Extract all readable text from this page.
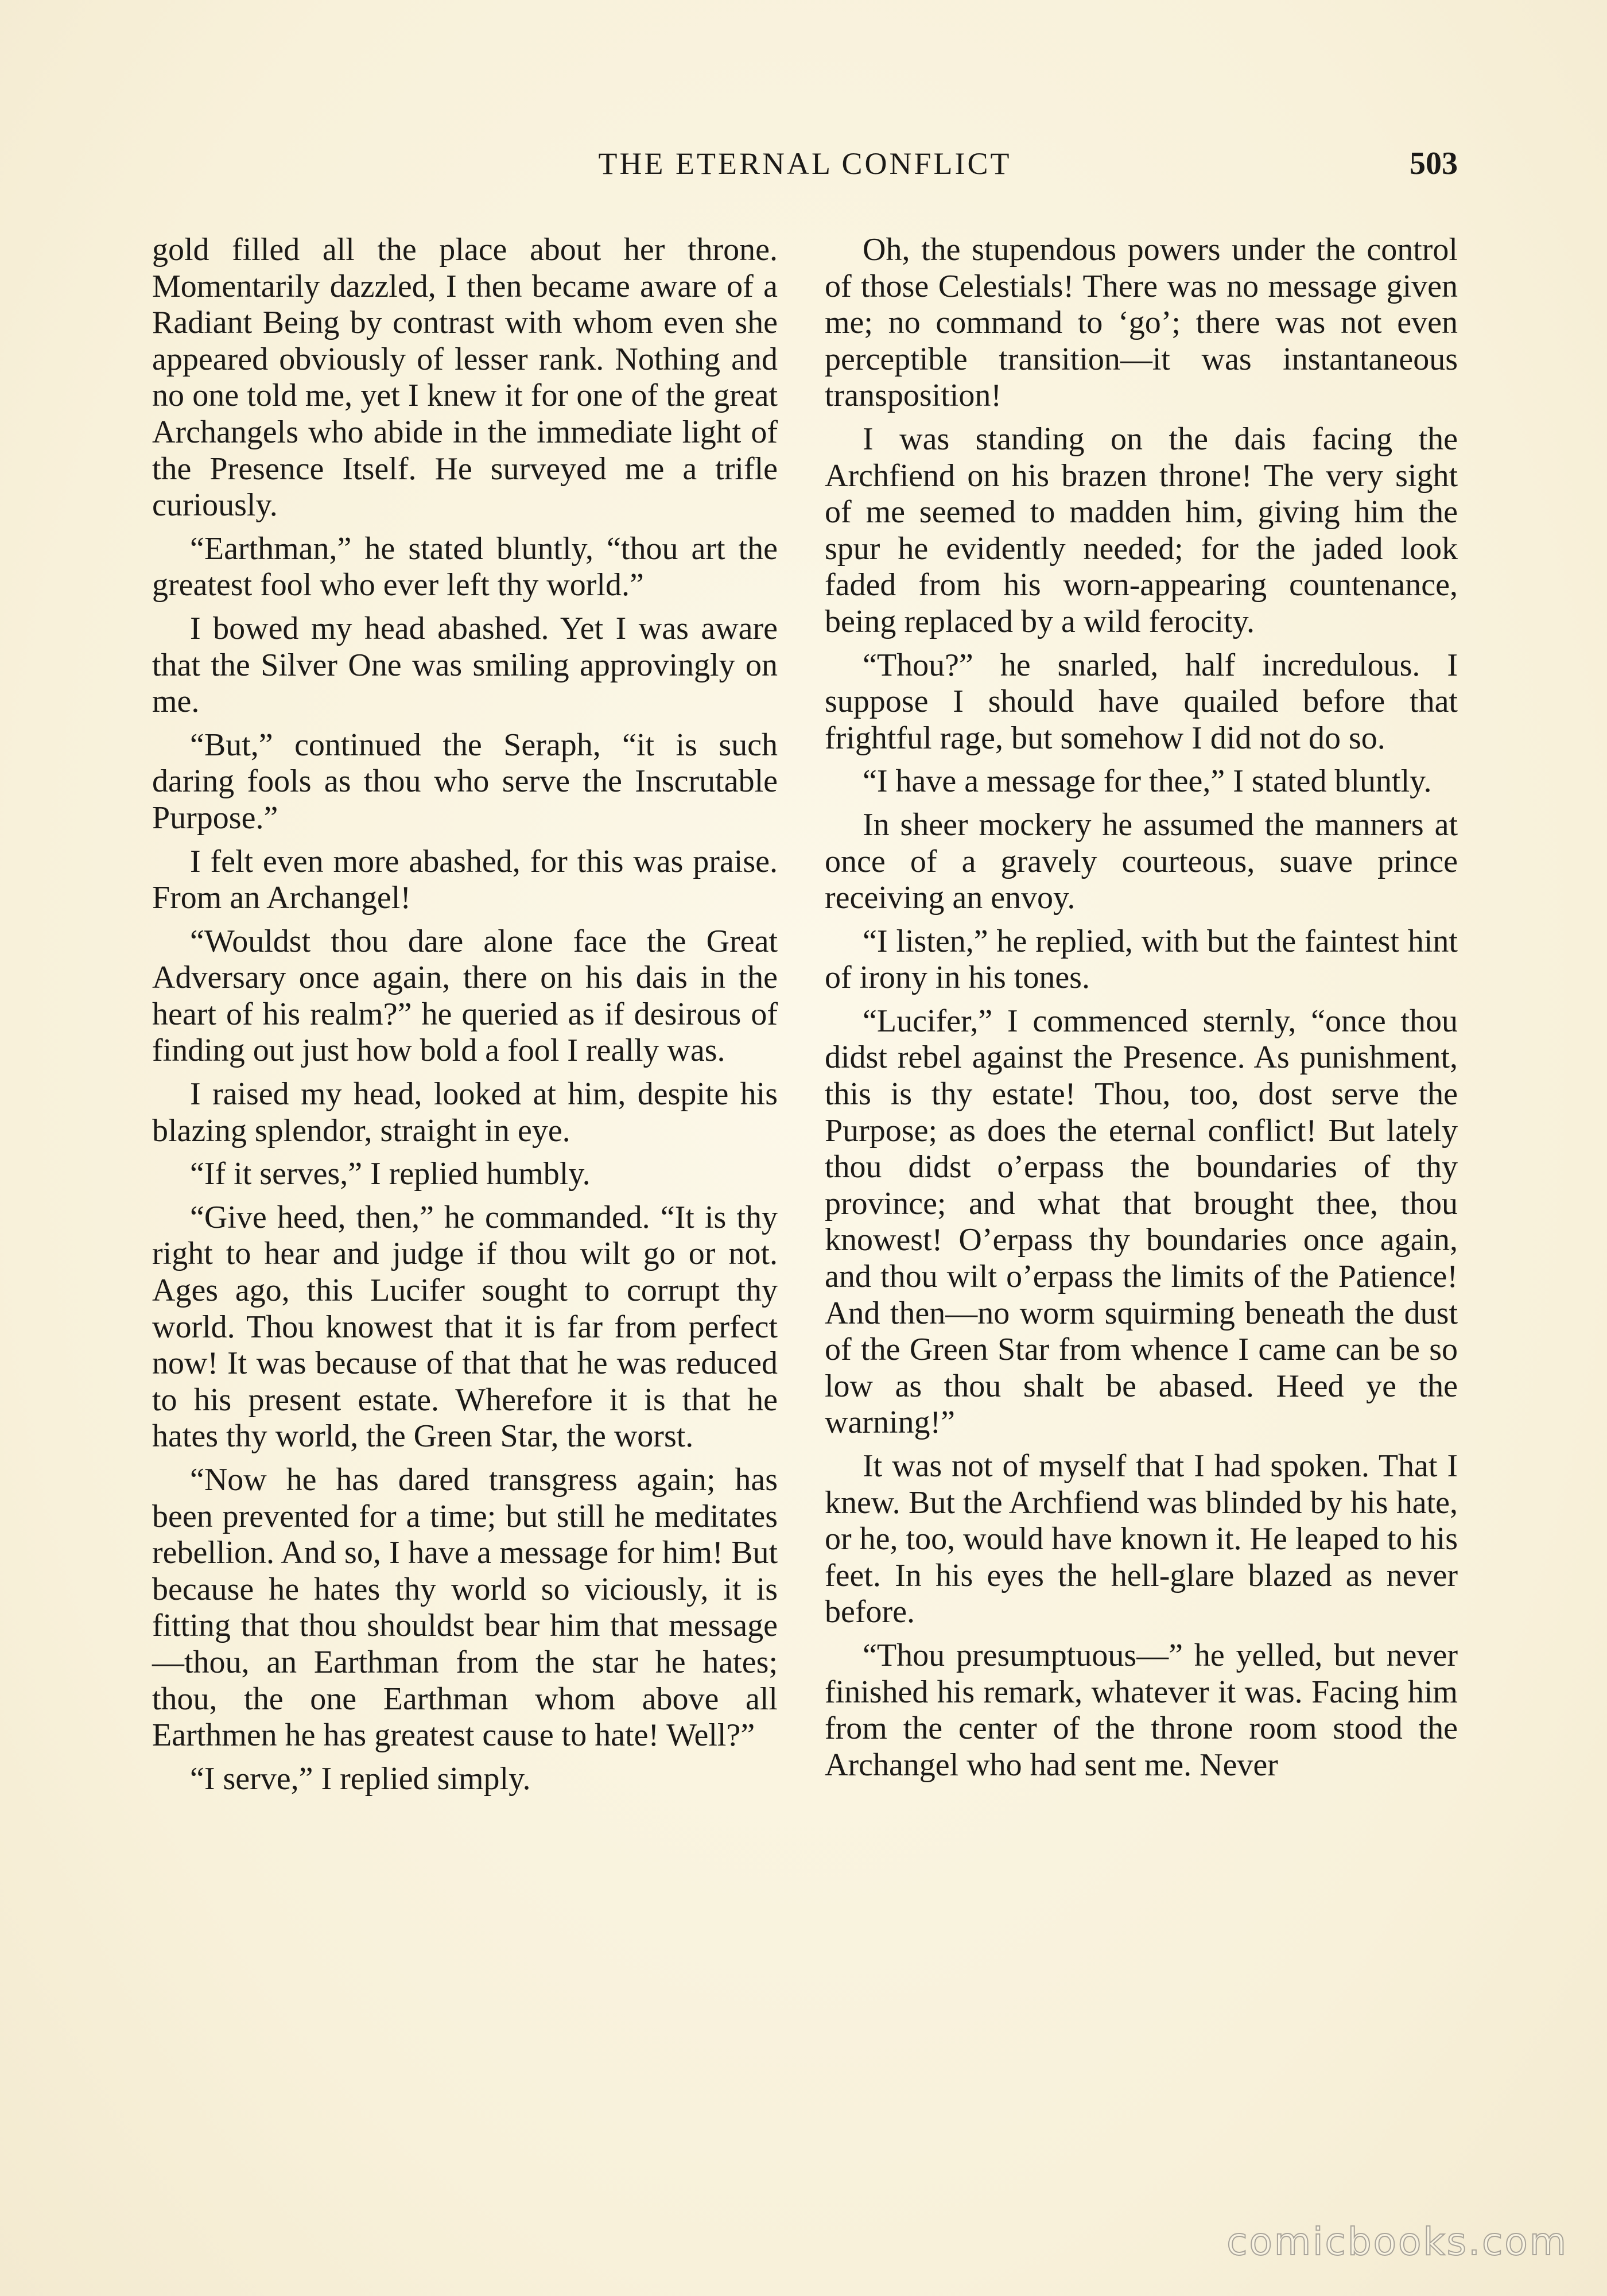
THE ETERNAL CONFLICT	503

gold filled all the place about her throne. Momentarily dazzled, I then became aware of a Radiant Being by contrast with whom even she appeared obviously of lesser rank. Nothing and no one told me, yet I knew it for one of the great Archangels who abide in the immediate light of the Presence Itself. He surveyed me a trifle curiously.

“Earthman,” he stated bluntly, “thou art the greatest fool who ever left thy world.”

I bowed my head abashed. Yet I was aware that the Silver One was smiling approvingly on me.

“But,” continued the Seraph, “it is such daring fools as thou who serve the Inscrutable Purpose.”

I felt even more abashed, for this was praise. From an Archangel!

“Wouldst thou dare alone face the Great Adversary once again, there on his dais in the heart of his realm?” he queried as if desirous of finding out just how bold a fool I really was.

I raised my head, looked at him, despite his blazing splendor, straight in eye.

“If it serves,” I replied humbly.

“Give heed, then,” he commanded. “It is thy right to hear and judge if thou wilt go or not. Ages ago, this Lucifer sought to corrupt thy world. Thou knowest that it is far from perfect now! It was because of that that he was reduced to his present estate. Wherefore it is that he hates thy world, the Green Star, the worst.

“Now he has dared transgress again; has been prevented for a time; but still he meditates rebellion. And so, I have a message for him! But because he hates thy world so viciously, it is fitting that thou shouldst bear him that message—thou, an Earthman from the star he hates; thou, the one Earthman whom above all Earthmen he has greatest cause to hate! Well?”

“I serve,” I replied simply.

Oh, the stupendous powers under the control of those Celestials! There was no message given me; no command to ‘go’; there was not even perceptible transition—it was instantaneous transposition!

I was standing on the dais facing the Archfiend on his brazen throne! The very sight of me seemed to madden him, giving him the spur he evidently needed; for the jaded look faded from his worn-appearing countenance, being replaced by a wild ferocity.

“Thou?” he snarled, half incredulous. I suppose I should have quailed before that frightful rage, but somehow I did not do so.

“I have a message for thee,” I stated bluntly.

In sheer mockery he assumed the manners at once of a gravely courteous, suave prince receiving an envoy.

“I listen,” he replied, with but the faintest hint of irony in his tones.

“Lucifer,” I commenced sternly, “once thou didst rebel against the Presence. As punishment, this is thy estate! Thou, too, dost serve the Purpose; as does the eternal conflict! But lately thou didst o’erpass the boundaries of thy province; and what that brought thee, thou knowest! O’erpass thy boundaries once again, and thou wilt o’erpass the limits of the Patience! And then—no worm squirming beneath the dust of the Green Star from whence I came can be so low as thou shalt be abased. Heed ye the warning!”

It was not of myself that I had spoken. That I knew. But the Archfiend was blinded by his hate, or he, too, would have known it. He leaped to his feet. In his eyes the hell-glare blazed as never before.

“Thou presumptuous—” he yelled, but never finished his remark, whatever it was. Facing him from the center of the throne room stood the Archangel who had sent me. Never

comicbooks.com
